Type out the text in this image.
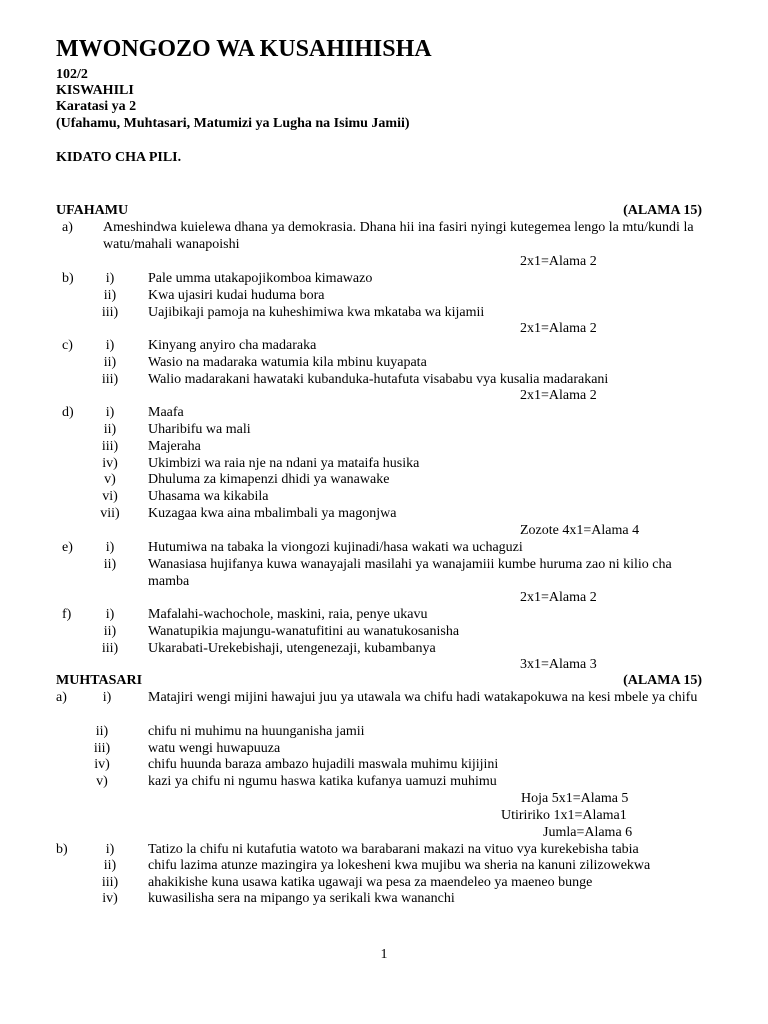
MWONGOZO WA KUSAHIHISHA
102/2
KISWAHILI
Karatasi ya 2
(Ufahamu, Muhtasari, Matumizi ya Lugha na Isimu Jamii)
KIDATO CHA PILI.
UFAHAMU	(ALAMA 15)
a) Ameshindwa kuielewa dhana ya demokrasia. Dhana hii ina fasiri nyingi kutegemea lengo la mtu/kundi la watu/mahali wanapoishi
2x1=Alama 2
b)	i)	Pale umma utakapojikomboa kimawazo
ii)	Kwa ujasiri kudai huduma bora
iii)	Uajibikaji pamoja na kuheshimiwa kwa mkataba wa kijamii
2x1=Alama 2
c)	i)	Kinyang anyiro cha madaraka
ii)	Wasio na madaraka watumia kila mbinu kuyapata
iii)	Walio madarakani hawataki kubanduka-hutafuta visababu vya kusalia madarakani
2x1=Alama 2
d)	i)	Maafa
ii)	Uharibifu wa mali
iii)	Majeraha
iv)	Ukimbizi wa raia nje na ndani ya mataifa husika
v)	Dhuluma za kimapenzi dhidi ya wanawake
vi)	Uhasama wa kikabila
vii)	Kuzagaa kwa aina mbalimbali ya magonjwa
Zozote 4x1=Alama 4
e)	i)	Hutumiwa na tabaka la viongozi kujinadi/hasa wakati wa uchaguzi
ii)	Wanasiasa hujifanya kuwa wanayajali masilahi ya wanajamiii kumbe huruma zao ni kilio cha mamba
2x1=Alama 2
f)	i)	Mafalahi-wachochole, maskini, raia, penye ukavu
ii)	Wanatupikia majungu-wanatufitini au wanatukosanisha
iii)	Ukarabati-Urekebishaji, utengenezaji, kubambanya
3x1=Alama 3
MUHTASARI	(ALAMA 15)
a)	i)	Matajiri wengi mijini hawajui juu ya utawala wa chifu hadi watakapokuwa na kesi mbele ya chifu
ii)	chifu ni muhimu na huunganisha jamii
iii)	watu wengi huwapuuza
iv)	chifu huunda baraza ambazo hujadili maswala muhimu kijijini
v)	kazi ya chifu ni ngumu haswa katika kufanya uamuzi muhimu
Hoja 5x1=Alama 5
Utiririko 1x1=Alama1
Jumla=Alama 6
b)	i)	Tatizo la chifu ni kutafutia watoto wa barabarani makazi na vituo vya kurekebisha tabia
ii)	chifu lazima atunze mazingira ya lokesheni kwa mujibu wa sheria na kanuni zilizowekwa
iii)	ahakikishe kuna usawa katika ugawaji wa pesa za maendeleo ya maeneo bunge
iv)	kuwasilisha sera na mipango ya serikali kwa wananchi
1
